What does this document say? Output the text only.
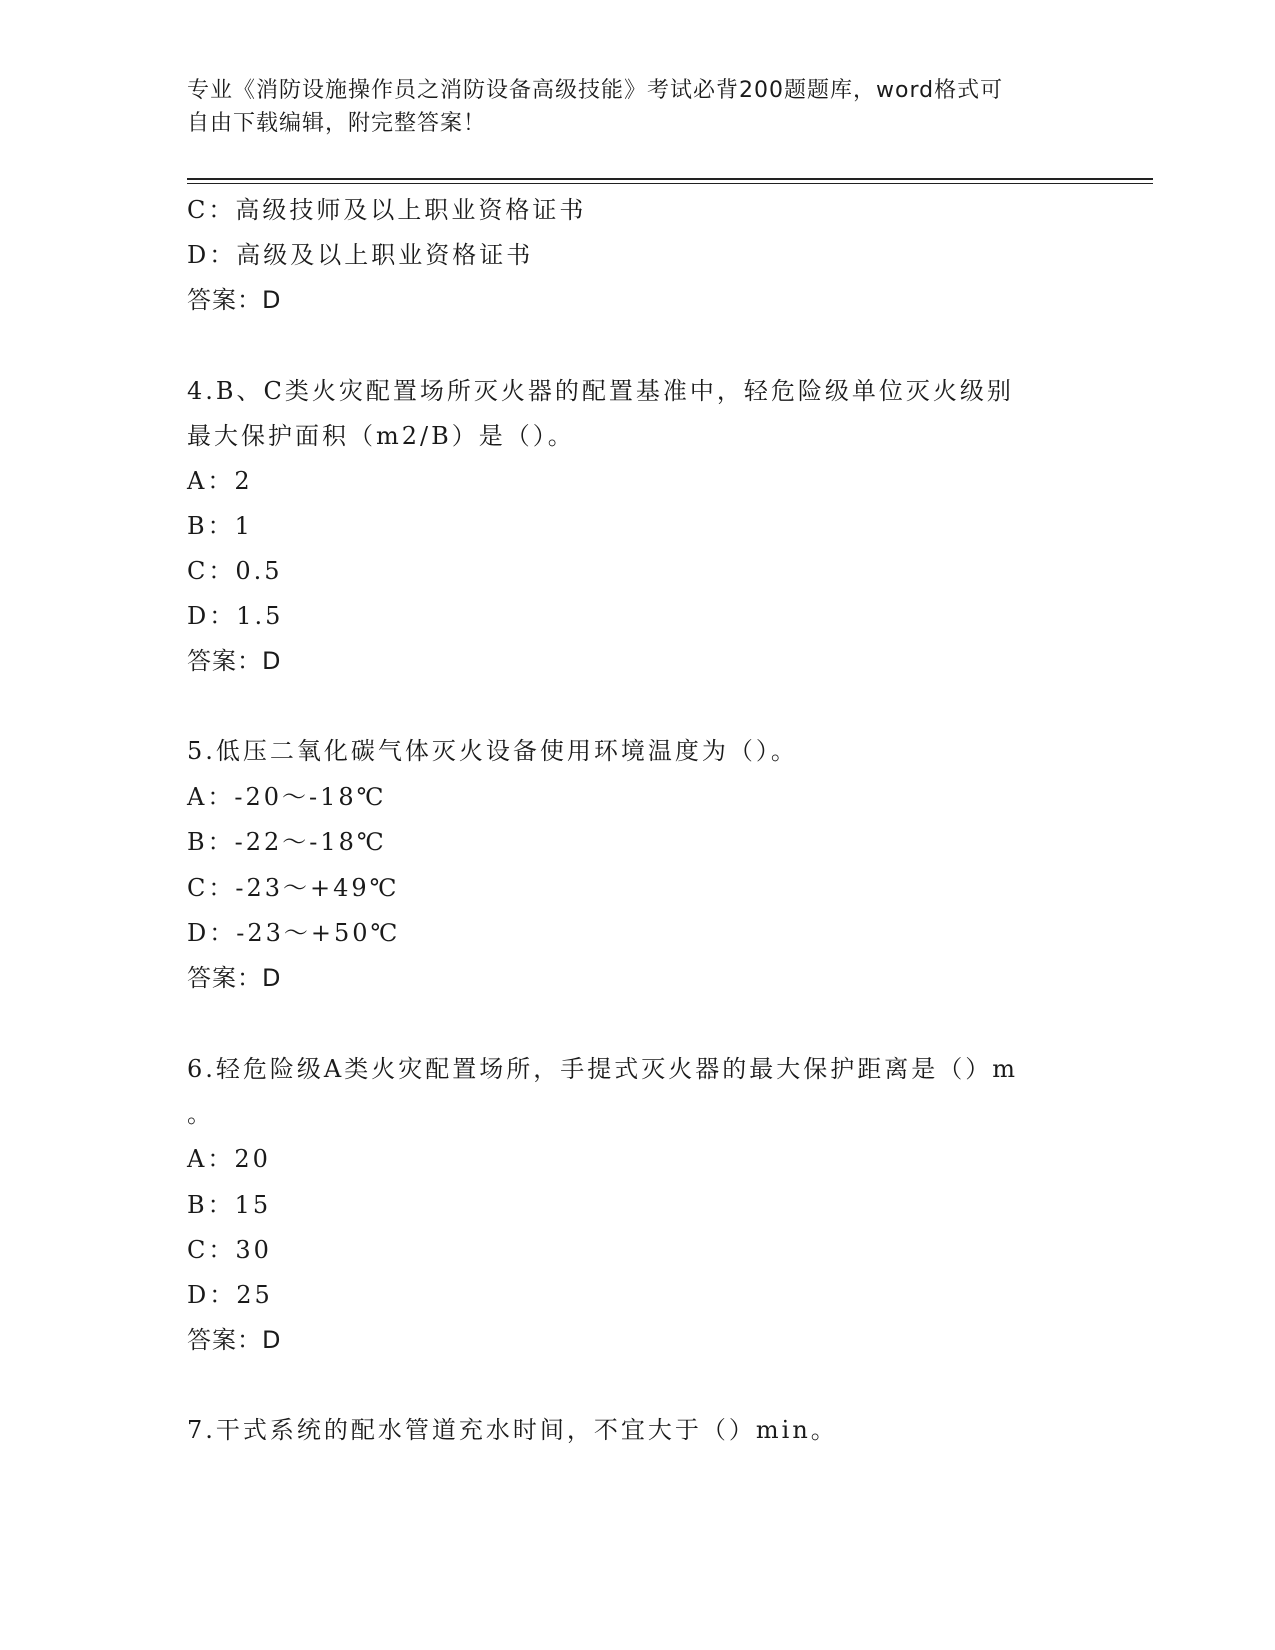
专业《消防设施操作员之消防设备高级技能》考试必背200题题库，word格式可
自由下载编辑，附完整答案！
C：高级技师及以上职业资格证书
D：高级及以上职业资格证书
答案：D
4.B、C类火灾配置场所灭火器的配置基准中，轻危险级单位灭火级别
最大保护面积（m2/B）是（）。
A：2
B：1
C：0.5
D：1.5
答案：D
5.低压二氧化碳气体灭火设备使用环境温度为（）。
A：-20～-18℃
B：-22～-18℃
C：-23～+49℃
D：-23～+50℃
答案：D
6.轻危险级A类火灾配置场所，手提式灭火器的最大保护距离是（）m
。
A：20
B：15
C：30
D：25
答案：D
7.干式系统的配水管道充水时间，不宜大于（）min。
